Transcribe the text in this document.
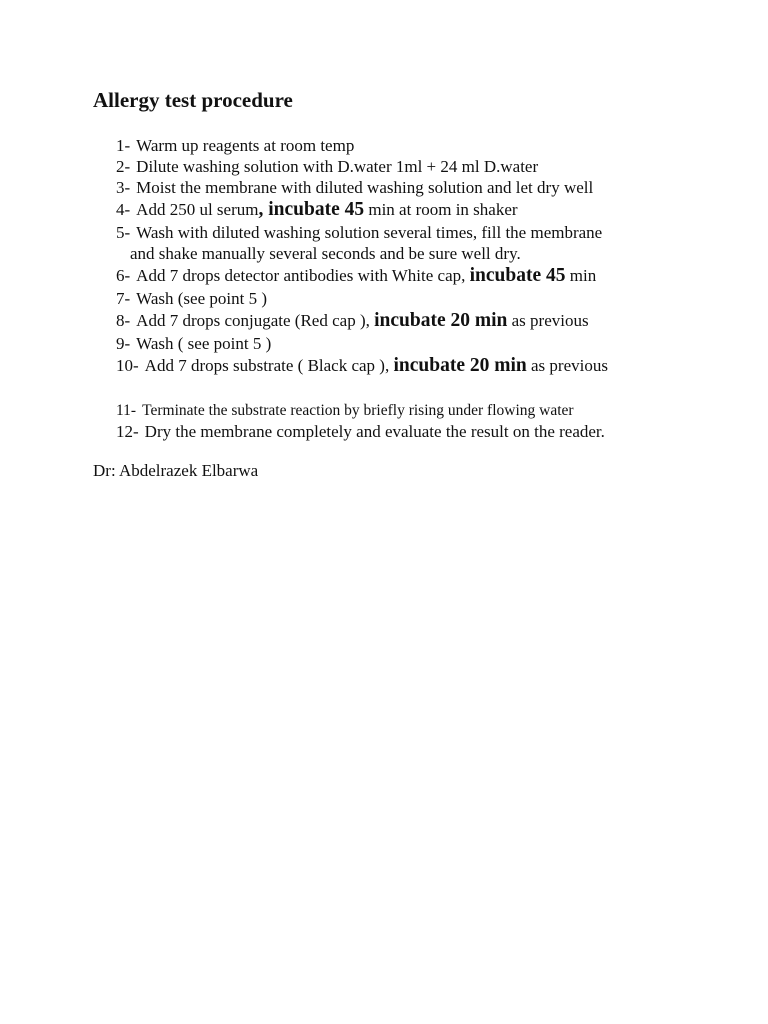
Allergy test procedure

1- Warm up reagents at room temp

2- Dilute washing solution with D.water 1ml + 24 ml D.water

3- Moist the membrane with diluted washing solution and let dry well

4- Add 250 ul serum, incubate 45 min at room in shaker

5- Wash with diluted washing solution several times, fill the membrane
and shake manually several seconds and be sure well dry.

6- Add 7 drops detector antibodies with White cap, incubate 45 min

7- Wash (see point 5 )

8- Add 7 drops conjugate (Red cap ), incubate 20 min as previous

9- Wash ( see point 5 )

10- Add 7 drops substrate ( Black cap ), incubate 20 min as previous

11- Terminate the substrate reaction by briefly rising under flowing water

12- Dry the membrane completely and evaluate the result on the reader.

Dr: Abdelrazek Elbarwa
